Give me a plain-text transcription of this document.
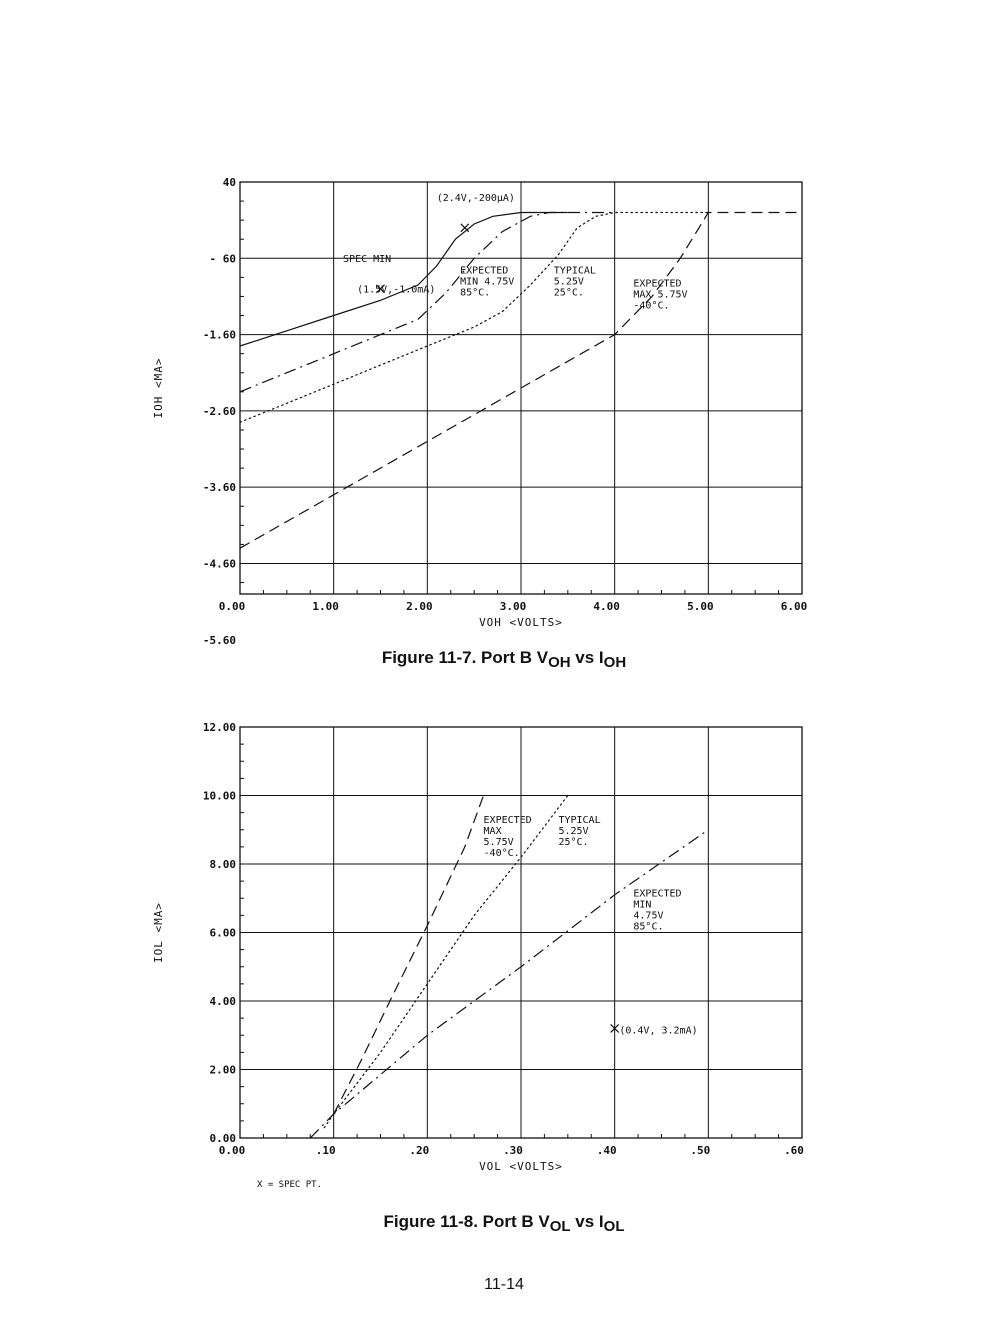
0.00	1.00	2.00	3.00	4.00	5.00	6.00
40
- 60
-1.60
-2.60
-3.60
-4.60
-5.60
VOH <VOLTS>
IOH <MA>
(2.4V,-200µA)
SPEC MIN
(1.5V,-1.0mA)
EXPECTED
MIN 4.75V
85°C.
TYPICAL
5.25V
25°C.
EXPECTED
MAX 5.75V
-40°C.
Figure 11-7. Port B $V_{OH}$ vs $I_{OH}$
0.00	.10	.20	.30	.40	.50	.60
0.00
2.00
4.00
6.00
8.00
10.00
12.00
VOL <VOLTS>
IOL <MA>
EXPECTED
MAX
5.75V
-40°C.
TYPICAL
5.25V
25°C.
EXPECTED
MIN
4.75V
85°C.
(0.4V, 3.2mA)
X = SPEC PT.
Figure 11-8. Port B $V_{OL}$ vs $I_{OL}$
11-14
